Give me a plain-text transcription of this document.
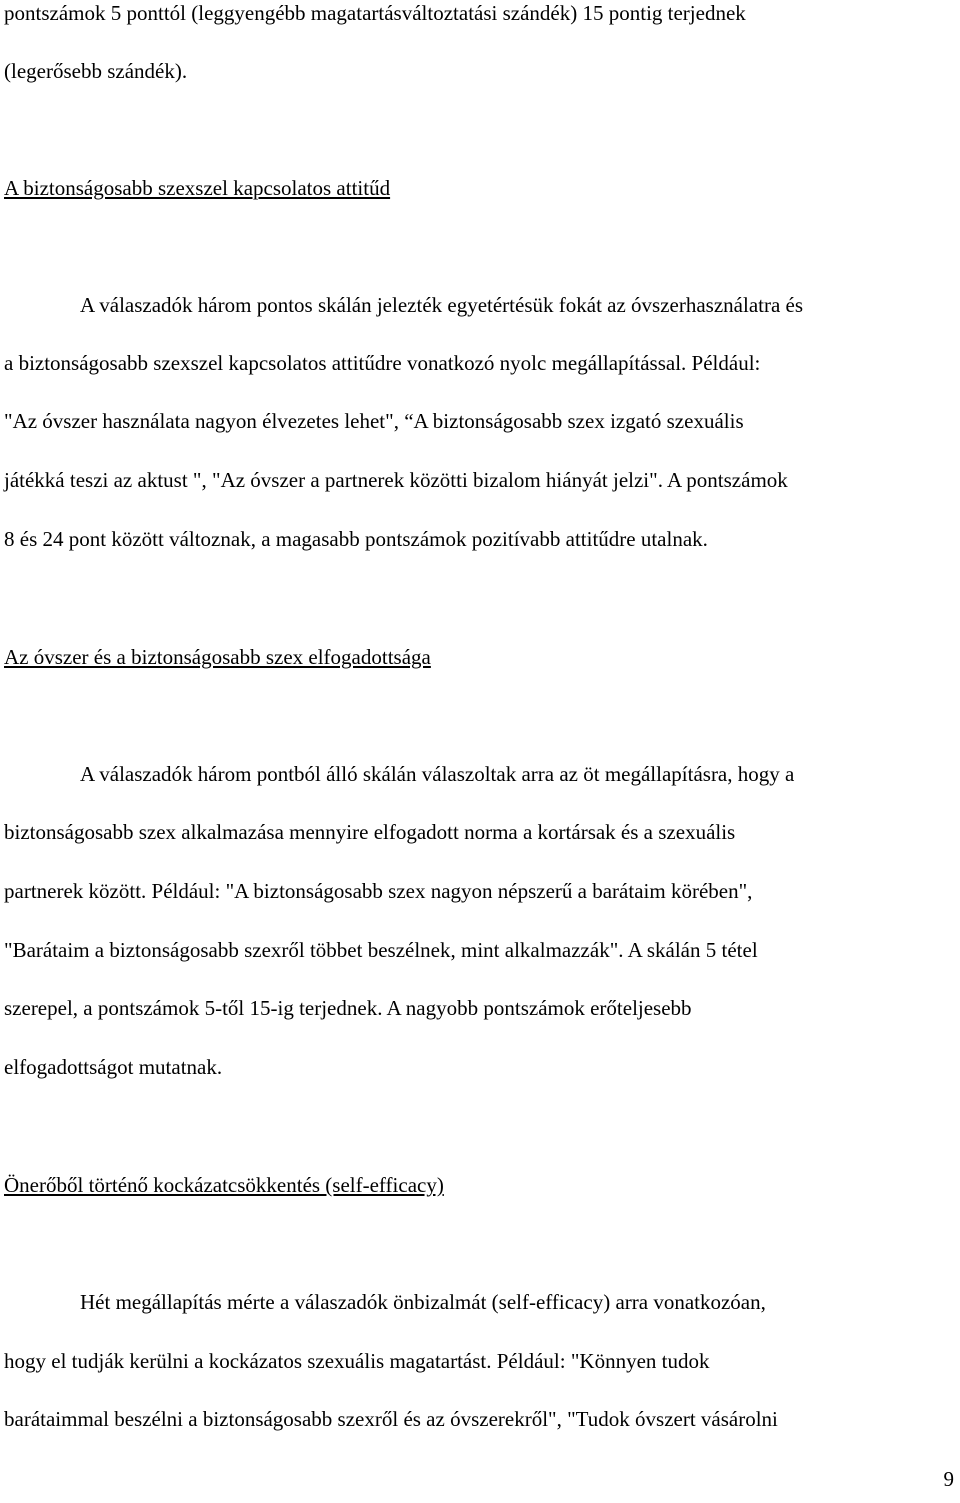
pontszámok 5 ponttól (leggyengébb magatartásváltoztatási szándék) 15 pontig terjednek
(legerősebb szándék).
A biztonságosabb szexszel kapcsolatos attitűd
A válaszadók három pontos skálán jelezték egyetértésük fokát az óvszerhasználatra és
a biztonságosabb szexszel kapcsolatos attitűdre vonatkozó nyolc megállapítással. Például:
"Az óvszer használata nagyon élvezetes lehet", “A biztonságosabb szex izgató szexuális
játékká teszi az aktust ", "Az óvszer a partnerek közötti bizalom hiányát jelzi". A pontszámok
8 és 24 pont között változnak, a magasabb pontszámok pozitívabb attitűdre utalnak.
Az óvszer és a biztonságosabb szex elfogadottsága
A válaszadók három pontból álló skálán válaszoltak arra az öt megállapításra, hogy a
biztonságosabb szex alkalmazása mennyire elfogadott norma a kortársak és a szexuális
partnerek között. Például: "A biztonságosabb szex nagyon népszerű a barátaim körében",
"Barátaim a biztonságosabb szexről többet beszélnek, mint alkalmazzák". A skálán 5 tétel
szerepel, a pontszámok 5-től 15-ig terjednek. A nagyobb pontszámok erőteljesebb
elfogadottságot mutatnak.
Önerőből történő kockázatcsökkentés (self-efficacy)
Hét megállapítás mérte a válaszadók önbizalmát (self-efficacy) arra vonatkozóan,
hogy el tudják kerülni a kockázatos szexuális magatartást. Például: "Könnyen tudok
barátaimmal beszélni a biztonságosabb szexről és az óvszerekről", "Tudok óvszert vásárolni
9
